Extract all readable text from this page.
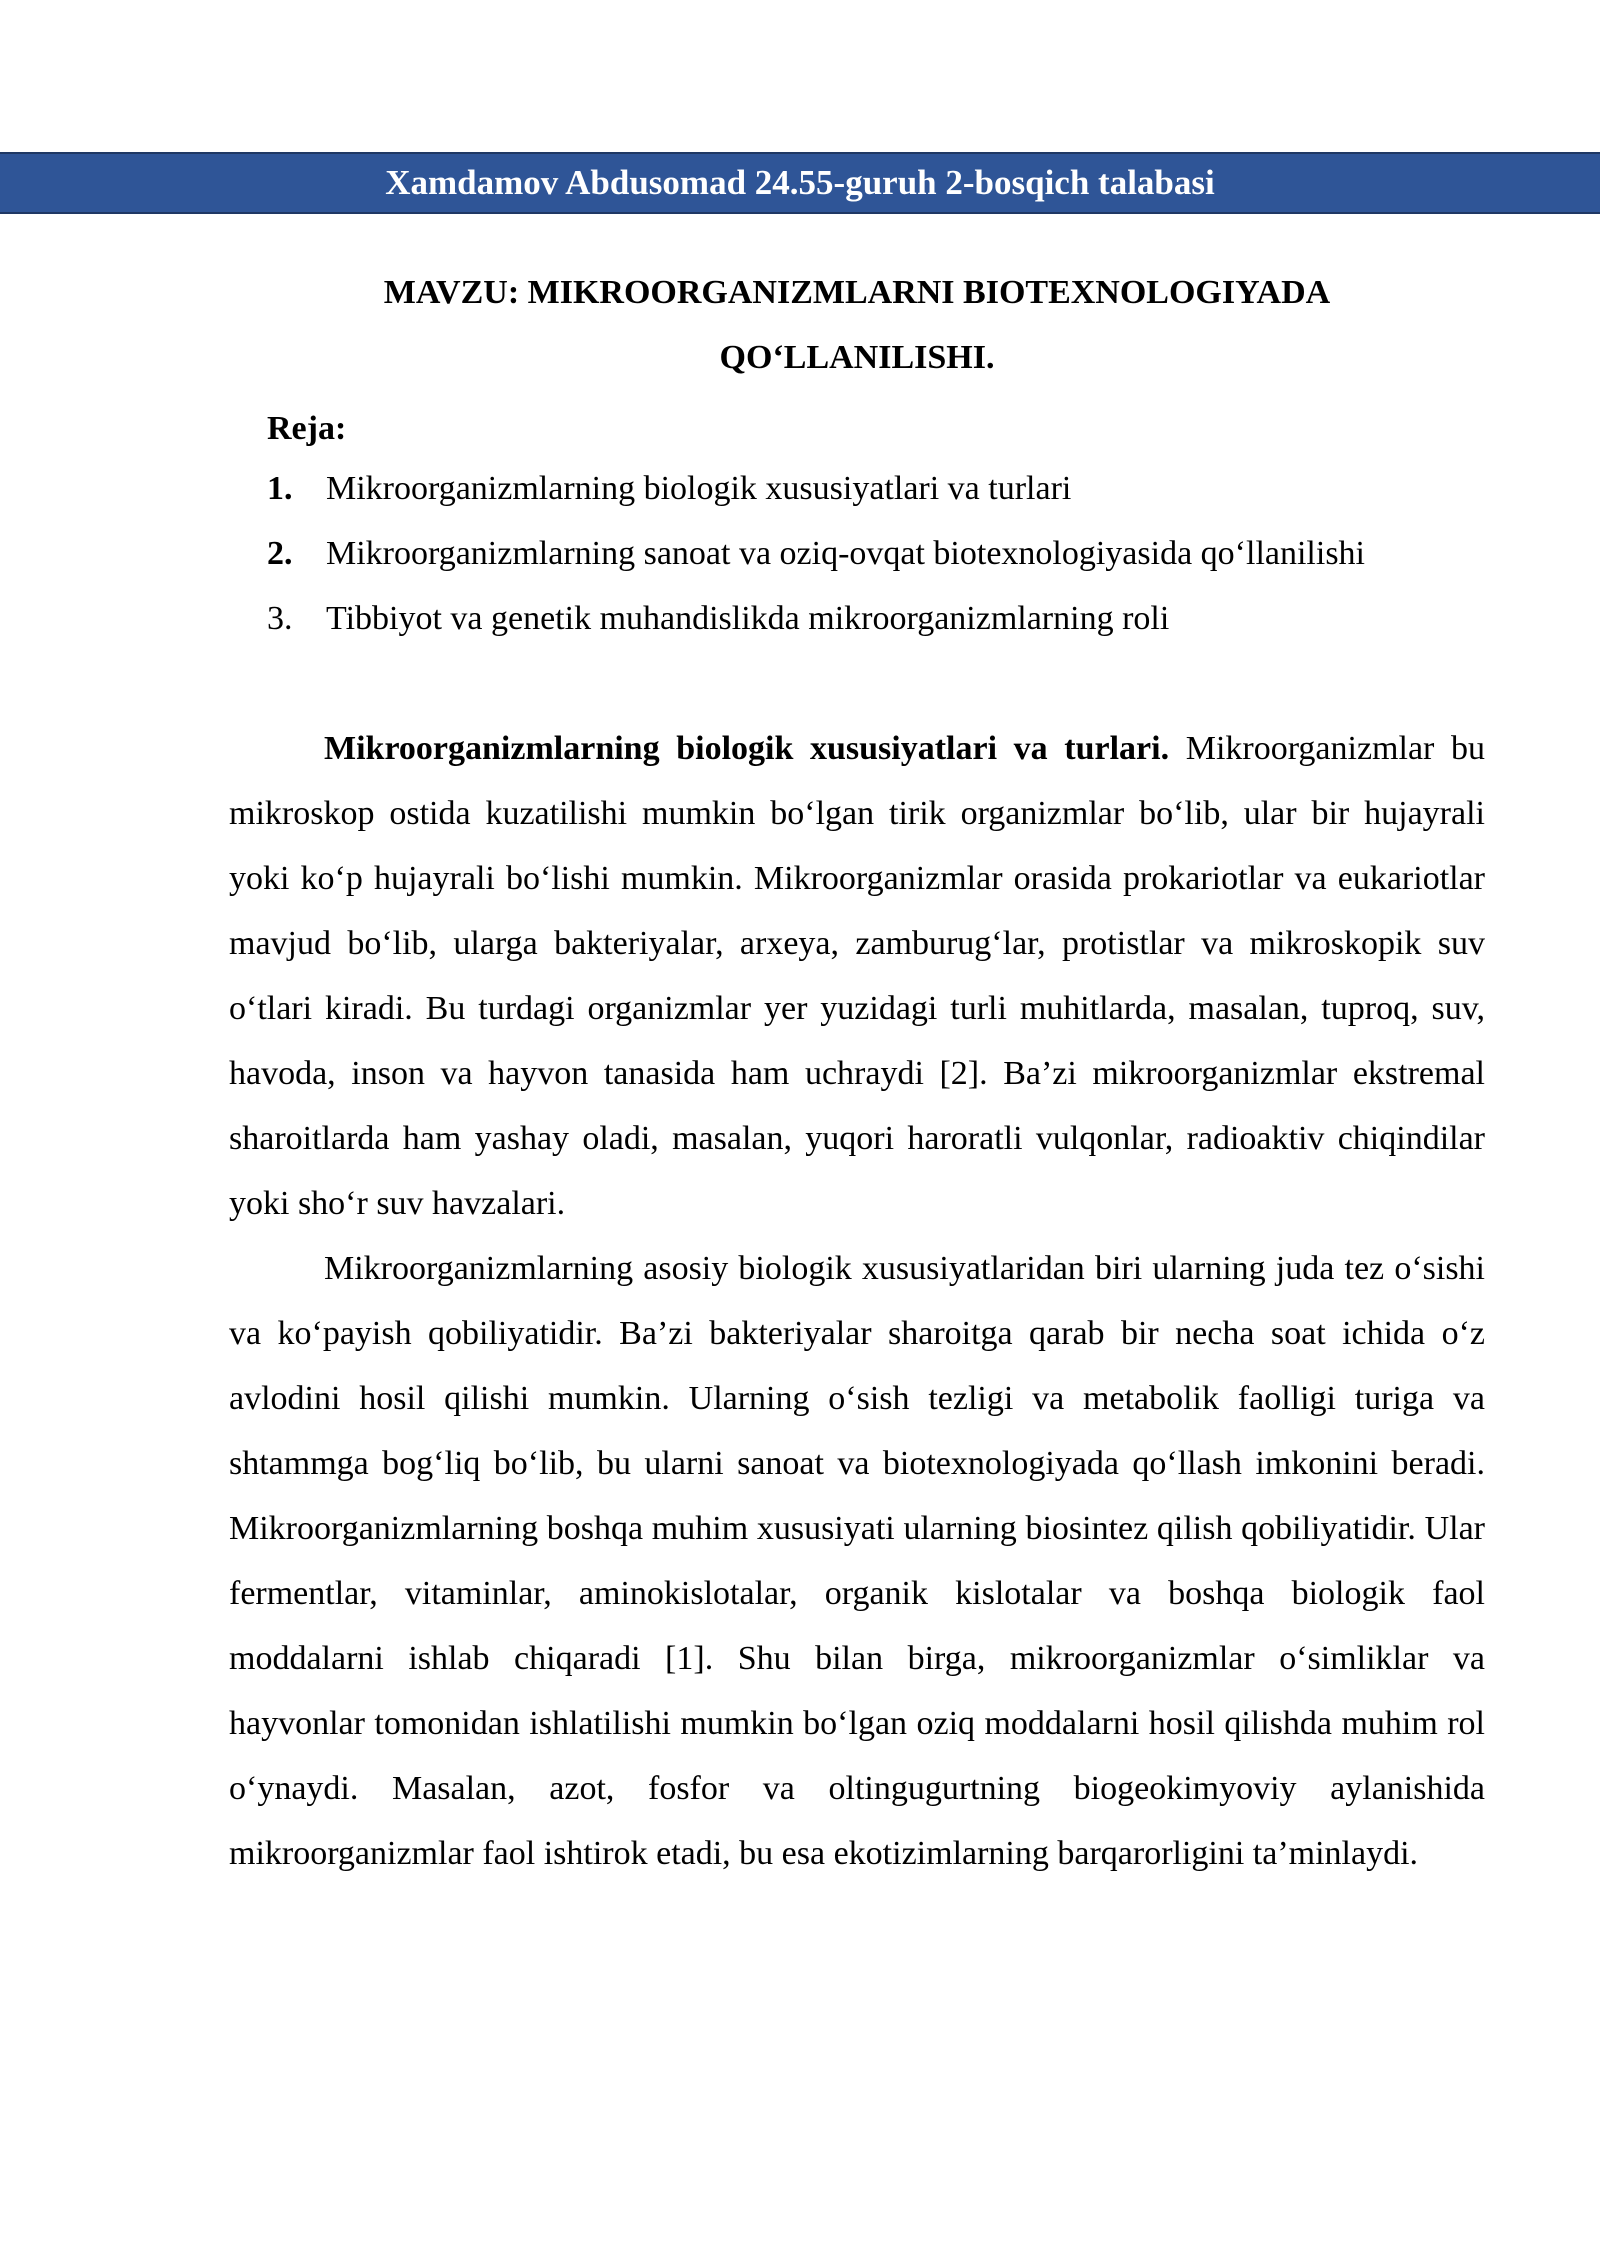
Xamdamov Abdusomad 24.55-guruh 2-bosqich talabasi
MAVZU: MIKROORGANIZMLARNI BIOTEXNOLOGIYADA
QO‘LLANILISHI.
Reja:
1. Mikroorganizmlarning biologik xususiyatlari va turlari
2. Mikroorganizmlarning sanoat va oziq-ovqat biotexnologiyasida qo‘llanilishi
3. Tibbiyot va genetik muhandislikda mikroorganizmlarning roli

Mikroorganizmlarning biologik xususiyatlari va turlari. Mikroorganizmlar bu mikroskop ostida kuzatilishi mumkin bo‘lgan tirik organizmlar bo‘lib, ular bir hujayrali yoki ko‘p hujayrali bo‘lishi mumkin. Mikroorganizmlar orasida prokariotlar va eukariotlar mavjud bo‘lib, ularga bakteriyalar, arxeya, zamburug‘lar, protistlar va mikroskopik suv o‘tlari kiradi. Bu turdagi organizmlar yer yuzidagi turli muhitlarda, masalan, tuproq, suv, havoda, inson va hayvon tanasida ham uchraydi [2]. Ba’zi mikroorganizmlar ekstremal sharoitlarda ham yashay oladi, masalan, yuqori haroratli vulqonlar, radioaktiv chiqindilar yoki sho‘r suv havzalari.

Mikroorganizmlarning asosiy biologik xususiyatlaridan biri ularning juda tez o‘sishi va ko‘payish qobiliyatidir. Ba’zi bakteriyalar sharoitga qarab bir necha soat ichida o‘z avlodini hosil qilishi mumkin. Ularning o‘sish tezligi va metabolik faolligi turiga va shtammga bog‘liq bo‘lib, bu ularni sanoat va biotexnologiyada qo‘llash imkonini beradi. Mikroorganizmlarning boshqa muhim xususiyati ularning biosintez qilish qobiliyatidir. Ular fermentlar, vitaminlar, aminokislotalar, organik kislotalar va boshqa biologik faol moddalarni ishlab chiqaradi [1]. Shu bilan birga, mikroorganizmlar o‘simliklar va hayvonlar tomonidan ishlatilishi mumkin bo‘lgan oziq moddalarni hosil qilishda muhim rol o‘ynaydi. Masalan, azot, fosfor va oltingugurtning biogeokimyoviy aylanishida mikroorganizmlar faol ishtirok etadi, bu esa ekotizimlarning barqarorligini ta’minlaydi.
